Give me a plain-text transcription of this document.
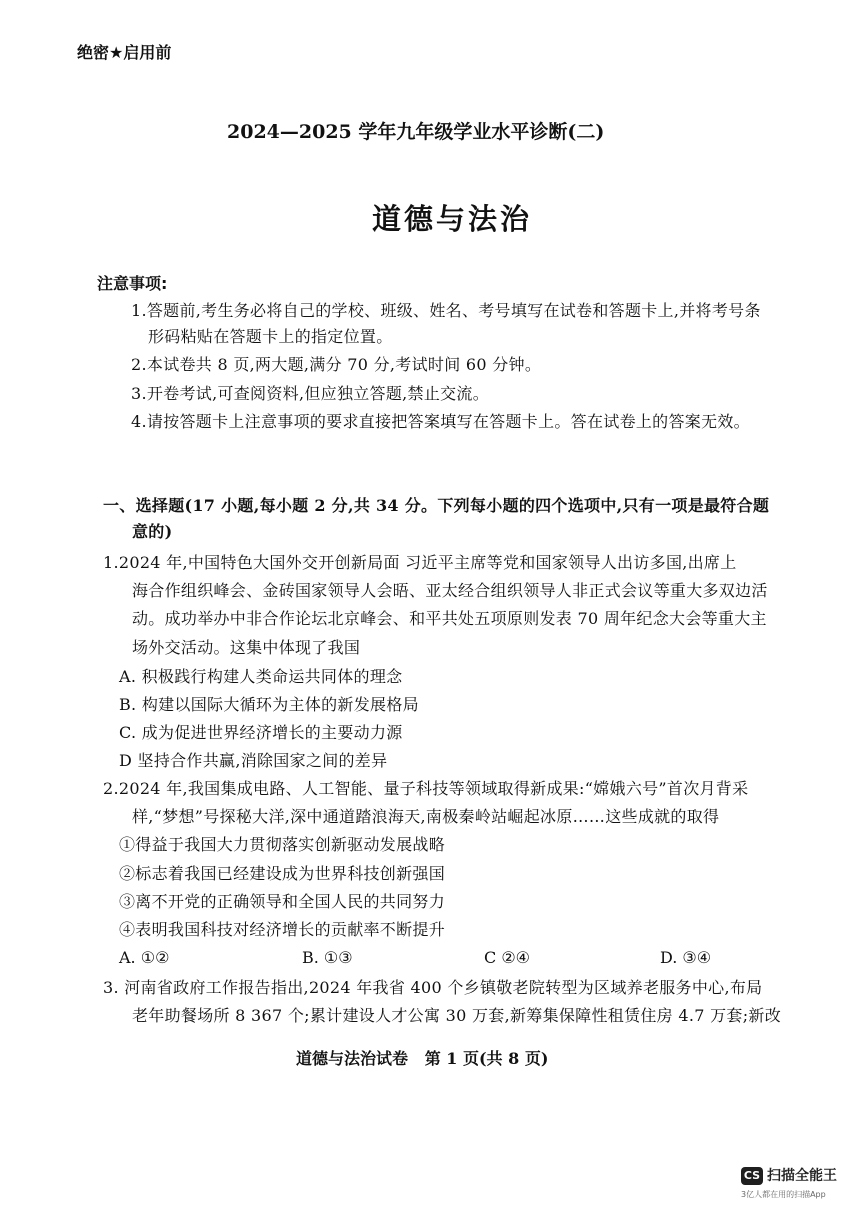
绝密★启用前
2024—2025 学年九年级学业水平诊断(二)
道德与法治
注意事项:
1.答题前,考生务必将自己的学校、班级、姓名、考号填写在试卷和答题卡上,并将考号条
形码粘贴在答题卡上的指定位置。
2.本试卷共 8 页,两大题,满分 70 分,考试时间 60 分钟。
3.开卷考试,可查阅资料,但应独立答题,禁止交流。
4.请按答题卡上注意事项的要求直接把答案填写在答题卡上。答在试卷上的答案无效。
一、选择题(17 小题,每小题 2 分,共 34 分。下列每小题的四个选项中,只有一项是最符合题
意的)
1.2024 年,中国特色大国外交开创新局面 习近平主席等党和国家领导人出访多国,出席上
海合作组织峰会、金砖国家领导人会晤、亚太经合组织领导人非正式会议等重大多双边活
动。成功举办中非合作论坛北京峰会、和平共处五项原则发表 70 周年纪念大会等重大主
场外交活动。这集中体现了我国
A. 积极践行构建人类命运共同体的理念
B. 构建以国际大循环为主体的新发展格局
C. 成为促进世界经济增长的主要动力源
D 坚持合作共赢,消除国家之间的差异
2.2024 年,我国集成电路、人工智能、量子科技等领域取得新成果:“嫦娥六号”首次月背采
样,“梦想”号探秘大洋,深中通道踏浪海天,南极秦岭站崛起冰原……这些成就的取得
①得益于我国大力贯彻落实创新驱动发展战略
②标志着我国已经建设成为世界科技创新强国
③离不开党的正确领导和全国人民的共同努力
④表明我国科技对经济增长的贡献率不断提升
A. ①②	B. ①③	C ②④	D. ③④
3. 河南省政府工作报告指出,2024 年我省 400 个乡镇敬老院转型为区域养老服务中心,布局
老年助餐场所 8 367 个;累计建设人才公寓 30 万套,新筹集保障性租赁住房 4.7 万套;新改
道德与法治试卷   第 1 页(共 8 页)
CS 扫描全能王
3亿人都在用的扫描App
